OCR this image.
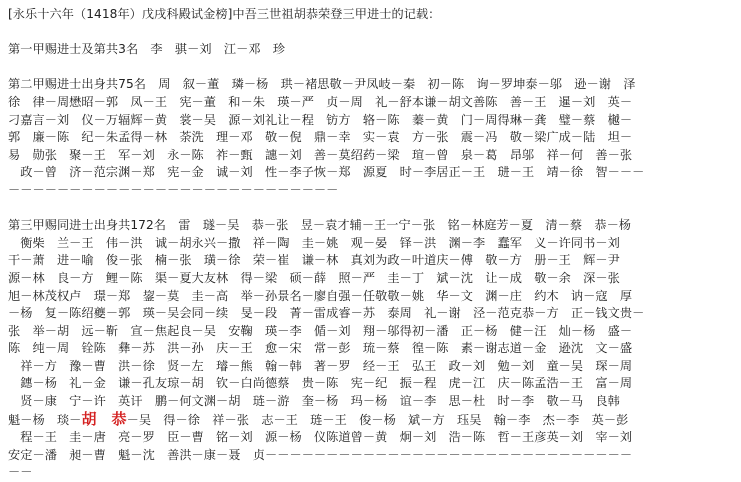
[永乐十六年（1418年）戊戌科殿试金榜]中吾三世祖胡恭荣登三甲进士的记载：
第一甲赐进士及第共3名　李　骐－刘　江－邓　珍
第二甲赐进士出身共75名　周　叙－董　璘－杨　珙－褚思敬－尹凤岐－秦　初－陈　询－罗坤泰－邬　逊－谢　泽
徐　律－周懋昭－郭　凤－王　宪－董　和－朱　瑛－严　贞－周　礼－舒本谦－胡文善陈　善－王　暹－刘　英－
刁嘉言－刘　仪－万辐辉－黄　裳－吴　源－刘礼让－程　钫方　辂－陈　蓁－黄　门－周得琳－龚　璧－蔡　樾－
郭　廉－陈　纪－朱孟得－林　荼洗　理－邓　敬－倪　鼎－幸　实－袁　方－张　震－冯　敬－梁广成－陆　坦－
易　勋张　聚－王　军－刘　永－陈　祚－甄　譓－刘　善－莫绍药－梁　瑄－曾　泉－葛　昂邬　祥－何　善－张
　政－曾　济－范宗渊－郑　宪－金　诚－刘　性－李子恢－郑　源夏　时－李居正－王　琎－王　靖－徐　智－－－
－－－－－－－－－－－－－－－－－－－－－－－－－－－
第三甲赐同进士出身共172名　雷　璲－吴　恭－张　昱－袁才辅－王一宁－张　铭－林庭芳－夏　清－蔡　恭－杨
　衡柴　兰－王　伟－洪　诚－胡永兴－撒　祥－陶　圭－姚　观－晏　铎－洪　渊－李　蠢军　义－许同书－刘
干－萧　进－喻　俊－张　楠－张　璜－徐　荣－崔　谦－林　真刘为政－叶道庆－傅　敬－方　册－王　辉－尹
源－林　良－方　鲤－陈　渠－夏大友林　得－梁　硕－薛　照－严　圭－丁　斌－沈　让－成　敬－余　深－张
旭－林茂权卢　璟－郑　鋆－莫　圭－高　举－孙景名－廖自强－任敬敬－姚　华－文　渊－庄　约木　讷－寇　厚
－杨　复－陈绍夔－郭　瑛－吴会同－续　旻－段　菁－雷成睿－苏　泰周　礼－谢　泾－范克恭－方　正－钱文贵－
张　举－胡　远－靳　宣－焦起良－吴　安鞠　瑛－李　偱－刘　翔－邬得初－潘　正－杨　健－汪　灿－杨　盛－
陈　纯－周　铨陈　彝－苏　洪－孙　庆－王　愈－宋　常－彭　琉－蔡　徨－陈　素－谢志道－金　逊沈　文－盛
　祥－方　豫－曹　洪－徐　贤－左　璿－熊　翰－韩　著－罗　经－王　弘王　政－刘　勉－刘　童－吴　琛－周
　鏸－杨　礼－金　谦－孔友琼－胡　钦－白尚德蔡　贵－陈　宪－纪　振－程　虎－江　庆－陈孟浩－王　富－周
　贤－康　宁－许　英讦　鹏－何文渊－胡　琏－游　奎－杨　玛－杨　谊－李　思－杜　时－李　敬－马　良韩
魁－杨　琰－胡　恭－吴　得－徐　祥－张　志－王　琏－王　俊－杨　斌－方　珏吴　翰－李　杰－李　英－彭
　程－王　圭－唐　亮－罗　臣－曹　铭－刘　源－杨　仪陈道曾－黄　炯－刘　浩－陈　哲－王彦英－刘　宰－刘
安定－潘　昶－曹　魁－沈　善洪－康－聂　贞－－－－－－－－－－－－－－－－－－－－－－－－－－－－－－
－－
